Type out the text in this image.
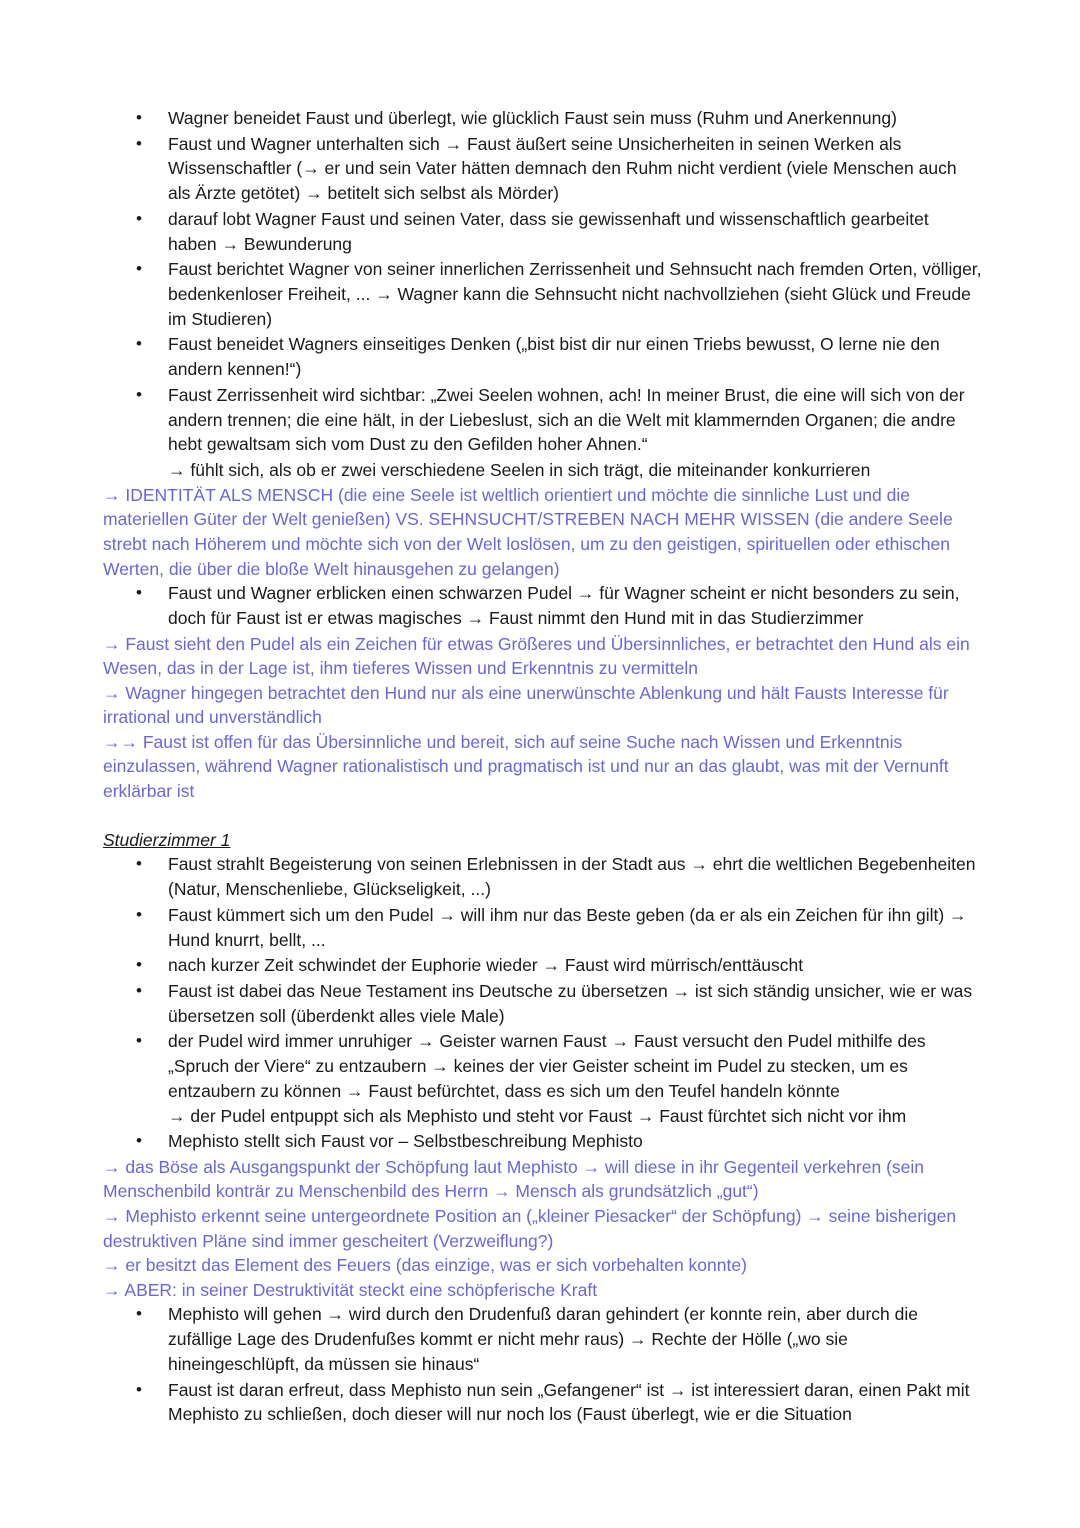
• Wagner beneidet Faust und überlegt, wie glücklich Faust sein muss (Ruhm und Anerkennung)
• Faust und Wagner unterhalten sich → Faust äußert seine Unsicherheiten in seinen Werken als Wissenschaftler (→ er und sein Vater hätten demnach den Ruhm nicht verdient (viele Menschen auch als Ärzte getötet) → betitelt sich selbst als Mörder)
• darauf lobt Wagner Faust und seinen Vater, dass sie gewissenhaft und wissenschaftlich gearbeitet haben → Bewunderung
• Faust berichtet Wagner von seiner innerlichen Zerrissenheit und Sehnsucht nach fremden Orten, völliger, bedenkenloser Freiheit, ... → Wagner kann die Sehnsucht nicht nachvollziehen (sieht Glück und Freude im Studieren)
• Faust beneidet Wagners einseitiges Denken („bist bist dir nur einen Triebs bewusst, O lerne nie den andern kennen!“)
• Faust Zerrissenheit wird sichtbar: „Zwei Seelen wohnen, ach! In meiner Brust, die eine will sich von der andern trennen; die eine hält, in der Liebeslust, sich an die Welt mit klammernden Organen; die andre hebt gewaltsam sich vom Dust zu den Gefilden hoher Ahnen.“
→ fühlt sich, als ob er zwei verschiedene Seelen in sich trägt, die miteinander konkurrieren
→ IDENTITÄT ALS MENSCH (die eine Seele ist weltlich orientiert und möchte die sinnliche Lust und die materiellen Güter der Welt genießen) VS. SEHNSUCHT/STREBEN NACH MEHR WISSEN (die andere Seele strebt nach Höherem und möchte sich von der Welt loslösen, um zu den geistigen, spirituellen oder ethischen Werten, die über die bloße Welt hinausgehen zu gelangen)
• Faust und Wagner erblicken einen schwarzen Pudel → für Wagner scheint er nicht besonders zu sein, doch für Faust ist er etwas magisches → Faust nimmt den Hund mit in das Studierzimmer
→ Faust sieht den Pudel als ein Zeichen für etwas Größeres und Übersinnliches, er betrachtet den Hund als ein Wesen, das in der Lage ist, ihm tieferes Wissen und Erkenntnis zu vermitteln
→ Wagner hingegen betrachtet den Hund nur als eine unerwünschte Ablenkung und hält Fausts Interesse für irrational und unverständlich
→→ Faust ist offen für das Übersinnliche und bereit, sich auf seine Suche nach Wissen und Erkenntnis einzulassen, während Wagner rationalistisch und pragmatisch ist und nur an das glaubt, was mit der Vernunft erklärbar ist
Studierzimmer 1
• Faust strahlt Begeisterung von seinen Erlebnissen in der Stadt aus → ehrt die weltlichen Begebenheiten (Natur, Menschenliebe, Glückseligkeit, ...)
• Faust kümmert sich um den Pudel → will ihm nur das Beste geben (da er als ein Zeichen für ihn gilt) → Hund knurrt, bellt, ...
• nach kurzer Zeit schwindet der Euphorie wieder → Faust wird mürrisch/enttäuscht
• Faust ist dabei das Neue Testament ins Deutsche zu übersetzen → ist sich ständig unsicher, wie er was übersetzen soll (überdenkt alles viele Male)
• der Pudel wird immer unruhiger → Geister warnen Faust → Faust versucht den Pudel mithilfe des „Spruch der Viere“ zu entzaubern → keines der vier Geister scheint im Pudel zu stecken, um es entzaubern zu können → Faust befürchtet, dass es sich um den Teufel handeln könnte
→ der Pudel entpuppt sich als Mephisto und steht vor Faust → Faust fürchtet sich nicht vor ihm
• Mephisto stellt sich Faust vor – Selbstbeschreibung Mephisto
→ das Böse als Ausgangspunkt der Schöpfung laut Mephisto → will diese in ihr Gegenteil verkehren (sein Menschenbild konträr zu Menschenbild des Herrn → Mensch als grundsätzlich „gut“)
→ Mephisto erkennt seine untergeordnete Position an („kleiner Piesacker“ der Schöpfung) → seine bisherigen destruktiven Pläne sind immer gescheitert (Verzweiflung?)
→ er besitzt das Element des Feuers (das einzige, was er sich vorbehalten konnte)
→ ABER: in seiner Destruktivität steckt eine schöpferische Kraft
• Mephisto will gehen → wird durch den Drudenfuß daran gehindert (er konnte rein, aber durch die zufällige Lage des Drudenfußes kommt er nicht mehr raus) → Rechte der Hölle („wo sie hineingeschlüpft, da müssen sie hinaus“
• Faust ist daran erfreut, dass Mephisto nun sein „Gefangener“ ist → ist interessiert daran, einen Pakt mit Mephisto zu schließen, doch dieser will nur noch los (Faust überlegt, wie er die Situation
